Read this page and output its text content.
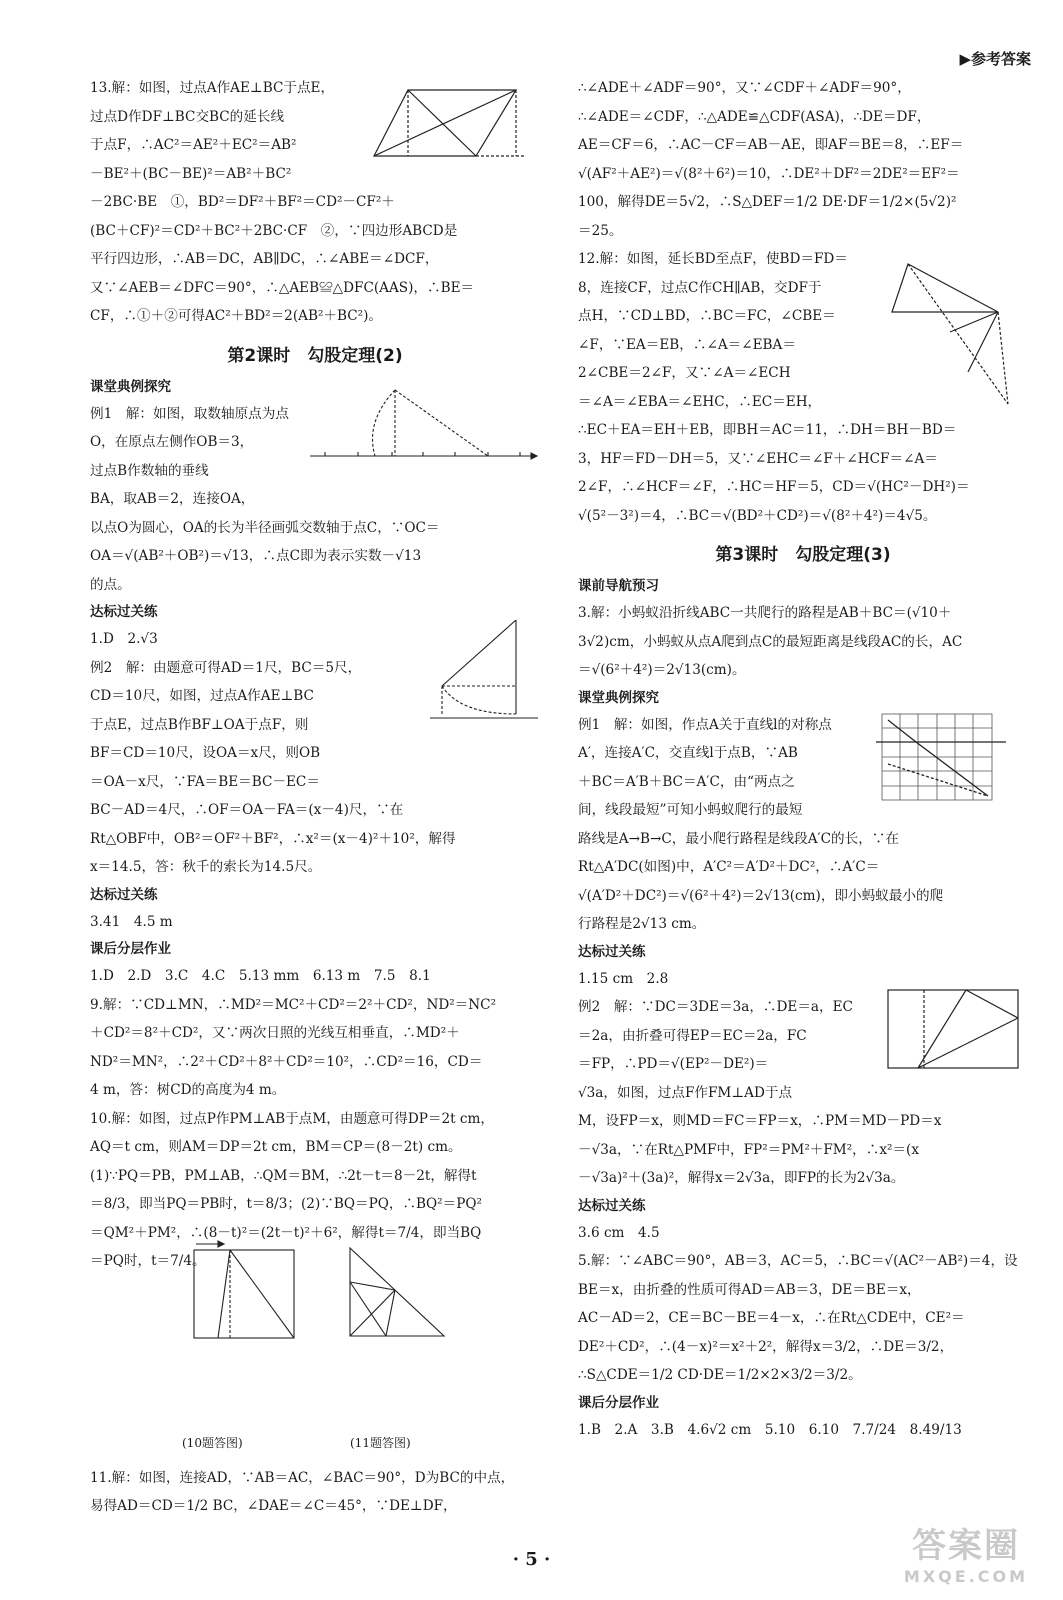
▶参考答案

13.解：如图，过点A作AE⊥BC于点E，

过点D作DF⊥BC交BC的延长线

于点F，∴AC²＝AE²＋EC²＝AB²

－BE²＋(BC－BE)²＝AB²＋BC²

－2BC·BE　①，BD²＝DF²＋BF²＝CD²－CF²＋

(BC＋CF)²＝CD²＋BC²＋2BC·CF　②，∵四边形ABCD是

平行四边形，∴AB＝DC，AB∥DC，∴∠ABE＝∠DCF，

又∵∠AEB＝∠DFC＝90°，∴△AEB≌△DFC(AAS)，∴BE＝

CF，∴①＋②可得AC²＋BD²＝2(AB²＋BC²)。

第2课时　勾股定理(2)
课堂典例探究

例1　解：如图，取数轴原点为点

O，在原点左侧作OB＝3，

过点B作数轴的垂线

BA，取AB＝2，连接OA，

以点O为圆心，OA的长为半径画弧交数轴于点C，∵OC＝

OA＝√(AB²＋OB²)＝√13，∴点C即为表示实数－√13

的点。

达标过关练

1.D　2.√3

例2　解：由题意可得AD＝1尺，BC＝5尺，

CD＝10尺，如图，过点A作AE⊥BC

于点E，过点B作BF⊥OA于点F，则

BF＝CD＝10尺，设OA＝x尺，则OB

＝OA－x尺，∵FA＝BE＝BC－EC＝

BC－AD＝4尺，∴OF＝OA－FA＝(x－4)尺，∵在

Rt△OBF中，OB²＝OF²＋BF²，∴x²＝(x－4)²＋10²，解得

x＝14.5，答：秋千的索长为14.5尺。

达标过关练

3.41　4.5 m

课后分层作业

1.D　2.D　3.C　4.C　5.13 mm　6.13 m　7.5　8.1

9.解：∵CD⊥MN，∴MD²＝MC²＋CD²＝2²＋CD²，ND²＝NC²

＋CD²＝8²＋CD²，又∵两次日照的光线互相垂直，∴MD²＋

ND²＝MN²，∴2²＋CD²＋8²＋CD²＝10²，∴CD²＝16，CD＝

4 m，答：树CD的高度为4 m。

10.解：如图，过点P作PM⊥AB于点M，由题意可得DP＝2t cm，

AQ＝t cm，则AM＝DP＝2t cm，BM＝CP＝(8－2t) cm。

(1)∵PQ＝PB，PM⊥AB，∴QM＝BM，∴2t－t＝8－2t，解得t

＝8/3，即当PQ＝PB时，t＝8/3；(2)∵BQ＝PQ，∴BQ²＝PQ²

＝QM²＋PM²，∴(8－t)²＝(2t－t)²＋6²，解得t＝7/4，即当BQ

＝PQ时，t＝7/4。

(10题答图)	(11题答图)

11.解：如图，连接AD，∵AB＝AC，∠BAC＝90°，D为BC的中点，

易得AD＝CD＝1/2 BC，∠DAE＝∠C＝45°，∵DE⊥DF，

∴∠ADE＋∠ADF＝90°，又∵∠CDF＋∠ADF＝90°，

∴∠ADE＝∠CDF，∴△ADE≌△CDF(ASA)，∴DE＝DF，

AE＝CF＝6，∴AC－CF＝AB－AE，即AF＝BE＝8，∴EF＝

√(AF²＋AE²)＝√(8²＋6²)＝10，∴DE²＋DF²＝2DE²＝EF²＝

100，解得DE＝5√2，∴S△DEF＝1/2 DE·DF＝1/2×(5√2)²

＝25。

12.解：如图，延长BD至点F，使BD＝FD＝

8，连接CF，过点C作CH∥AB，交DF于

点H，∵CD⊥BD，∴BC＝FC，∠CBE＝

∠F，∵EA＝EB，∴∠A＝∠EBA＝

2∠CBE＝2∠F，又∵∠A＝∠ECH

＝∠A＝∠EBA＝∠EHC，∴EC＝EH，

∴EC＋EA＝EH＋EB，即BH＝AC＝11，∴DH＝BH－BD＝

3，HF＝FD－DH＝5，又∵∠EHC＝∠F＋∠HCF＝∠A＝

2∠F，∴∠HCF＝∠F，∴HC＝HF＝5，CD＝√(HC²－DH²)＝

√(5²－3²)＝4，∴BC＝√(BD²＋CD²)＝√(8²＋4²)＝4√5。

第3课时　勾股定理(3)
课前导航预习

3.解：小蚂蚁沿折线ABC一共爬行的路程是AB＋BC＝(√10＋

3√2)cm，小蚂蚁从点A爬到点C的最短距离是线段AC的长，AC

＝√(6²＋4²)＝2√13(cm)。

课堂典例探究

例1　解：如图，作点A关于直线l的对称点

A′，连接A′C，交直线l于点B，∵AB

＋BC＝A′B＋BC＝A′C，由“两点之

间，线段最短”可知小蚂蚁爬行的最短

路线是A→B→C，最小爬行路程是线段A′C的长，∵在

Rt△A′DC(如图)中，A′C²＝A′D²＋DC²，∴A′C＝

√(A′D²＋DC²)＝√(6²＋4²)＝2√13(cm)，即小蚂蚁最小的爬

行路程是2√13 cm。

达标过关练

1.15 cm　2.8

例2　解：∵DC＝3DE＝3a，∴DE＝a，EC

＝2a，由折叠可得EP＝EC＝2a，FC

＝FP，∴PD＝√(EP²－DE²)＝

√3a，如图，过点F作FM⊥AD于点

M，设FP＝x，则MD＝FC＝FP＝x，∴PM＝MD－PD＝x

－√3a，∵在Rt△PMF中，FP²＝PM²＋FM²，∴x²＝(x

－√3a)²＋(3a)²，解得x＝2√3a，即FP的长为2√3a。

达标过关练

3.6 cm　4.5

5.解：∵∠ABC＝90°，AB＝3，AC＝5，∴BC＝√(AC²－AB²)＝4，设

BE＝x，由折叠的性质可得AD＝AB＝3，DE＝BE＝x，

AC－AD＝2，CE＝BC－BE＝4－x，∴在Rt△CDE中，CE²＝

DE²＋CD²，∴(4－x)²＝x²＋2²，解得x＝3/2，∴DE＝3/2，

∴S△CDE＝1/2 CD·DE＝1/2×2×3/2＝3/2。

课后分层作业

1.B　2.A　3.B　4.6√2 cm　5.10　6.10　7.7/24　8.49/13

· 5 ·	答案圈
MXQE.COM
